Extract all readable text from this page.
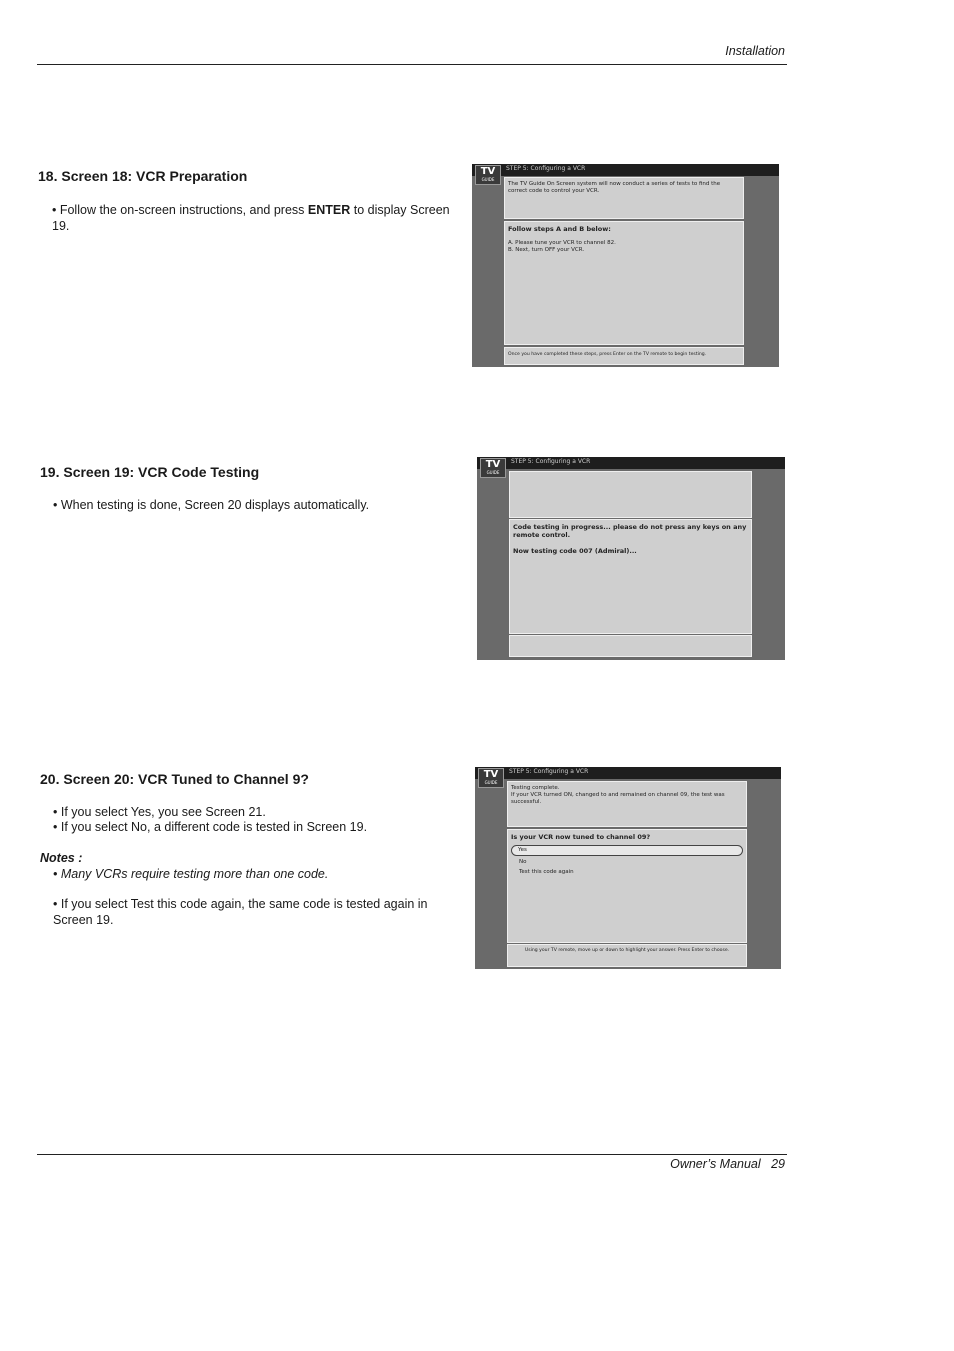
Installation
18. Screen 18: VCR Preparation

• Follow the on-screen instructions, and press ENTER to display Screen 19.

STEP 5: Configuring a VCR
TV
GUIDE
The TV Guide On Screen system will now conduct a series of tests to find the correct code to control your VCR.
Follow steps A and B below:
A. Please tune your VCR to channel 82.
B. Next, turn OFF your VCR.
Once you have completed these steps, press Enter on the TV remote to begin testing.
19. Screen 19: VCR Code Testing

• When testing is done, Screen 20 displays automatically.

STEP 5: Configuring a VCR
TV
GUIDE
Code testing in progress... please do not press any keys on any remote control.
Now testing code 007 (Admiral)...
20. Screen 20: VCR Tuned to Channel 9?

• If you select Yes, you see Screen 21.

• If you select No, a different code is tested in Screen 19.

Notes :

• Many VCRs require testing more than one code.

• If you select Test this code again, the same code is tested again in Screen 19.

STEP 5: Configuring a VCR
TV
GUIDE
Testing complete.
If your VCR turned ON, changed to and remained on channel 09, the test was successful.
Is your VCR now tuned to channel 09?
Yes
No
Test this code again
Using your TV remote, move up or down to highlight your answer. Press Enter to choose.
Owner’s Manual 29
